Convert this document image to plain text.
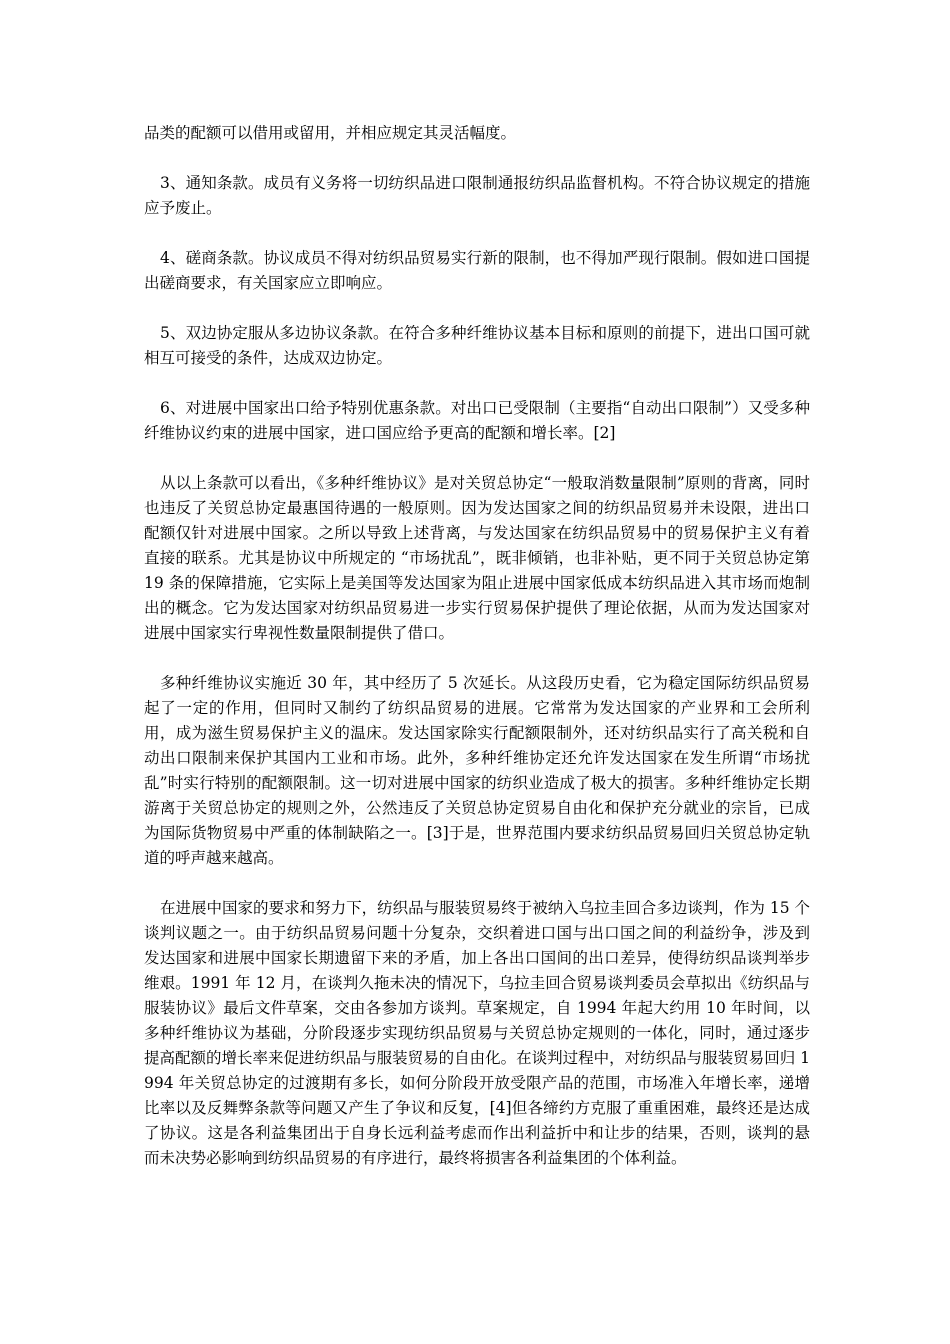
品类的配额可以借用或留用，并相应规定其灵活幅度。

3、通知条款。成员有义务将一切纺织品进口限制通报纺织品监督机构。不符合协议规定的措施应予废止。

4、磋商条款。协议成员不得对纺织品贸易实行新的限制，也不得加严现行限制。假如进口国提出磋商要求，有关国家应立即响应。

5、双边协定服从多边协议条款。在符合多种纤维协议基本目标和原则的前提下，进出口国可就相互可接受的条件，达成双边协定。

6、对进展中国家出口给予特别优惠条款。对出口已受限制（主要指“自动出口限制”）又受多种纤维协议约束的进展中国家，进口国应给予更高的配额和增长率。[2]

从以上条款可以看出，《多种纤维协议》是对关贸总协定“一般取消数量限制”原则的背离，同时也违反了关贸总协定最惠国待遇的一般原则。因为发达国家之间的纺织品贸易并未设限，进出口配额仅针对进展中国家。之所以导致上述背离，与发达国家在纺织品贸易中的贸易保护主义有着直接的联系。尤其是协议中所规定的 “市场扰乱”，既非倾销，也非补贴，更不同于关贸总协定第 19 条的保障措施，它实际上是美国等发达国家为阻止进展中国家低成本纺织品进入其市场而炮制出的概念。它为发达国家对纺织品贸易进一步实行贸易保护提供了理论依据，从而为发达国家对进展中国家实行卑视性数量限制提供了借口。

多种纤维协议实施近 30 年，其中经历了 5 次延长。从这段历史看，它为稳定国际纺织品贸易起了一定的作用，但同时又制约了纺织品贸易的进展。它常常为发达国家的产业界和工会所利用，成为滋生贸易保护主义的温床。发达国家除实行配额限制外，还对纺织品实行了高关税和自动出口限制来保护其国内工业和市场。此外，多种纤维协定还允许发达国家在发生所谓“市场扰乱”时实行特别的配额限制。这一切对进展中国家的纺织业造成了极大的损害。多种纤维协定长期游离于关贸总协定的规则之外，公然违反了关贸总协定贸易自由化和保护充分就业的宗旨，已成为国际货物贸易中严重的体制缺陷之一。[3]于是，世界范围内要求纺织品贸易回归关贸总协定轨道的呼声越来越高。

在进展中国家的要求和努力下，纺织品与服装贸易终于被纳入乌拉圭回合多边谈判，作为 15 个谈判议题之一。由于纺织品贸易问题十分复杂，交织着进口国与出口国之间的利益纷争，涉及到发达国家和进展中国家长期遗留下来的矛盾，加上各出口国间的出口差异，使得纺织品谈判举步维艰。1991 年 12 月，在谈判久拖未决的情况下，乌拉圭回合贸易谈判委员会草拟出《纺织品与服装协议》最后文件草案，交由各参加方谈判。草案规定，自 1994 年起大约用 10 年时间，以多种纤维协议为基础，分阶段逐步实现纺织品贸易与关贸总协定规则的一体化，同时，通过逐步提高配额的增长率来促进纺织品与服装贸易的自由化。在谈判过程中，对纺织品与服装贸易回归 1994 年关贸总协定的过渡期有多长，如何分阶段开放受限产品的范围，市场准入年增长率，递增比率以及反舞弊条款等问题又产生了争议和反复，[4]但各缔约方克服了重重困难，最终还是达成了协议。这是各利益集团出于自身长远利益考虑而作出利益折中和让步的结果，否则，谈判的悬而未决势必影响到纺织品贸易的有序进行，最终将损害各利益集团的个体利益。
